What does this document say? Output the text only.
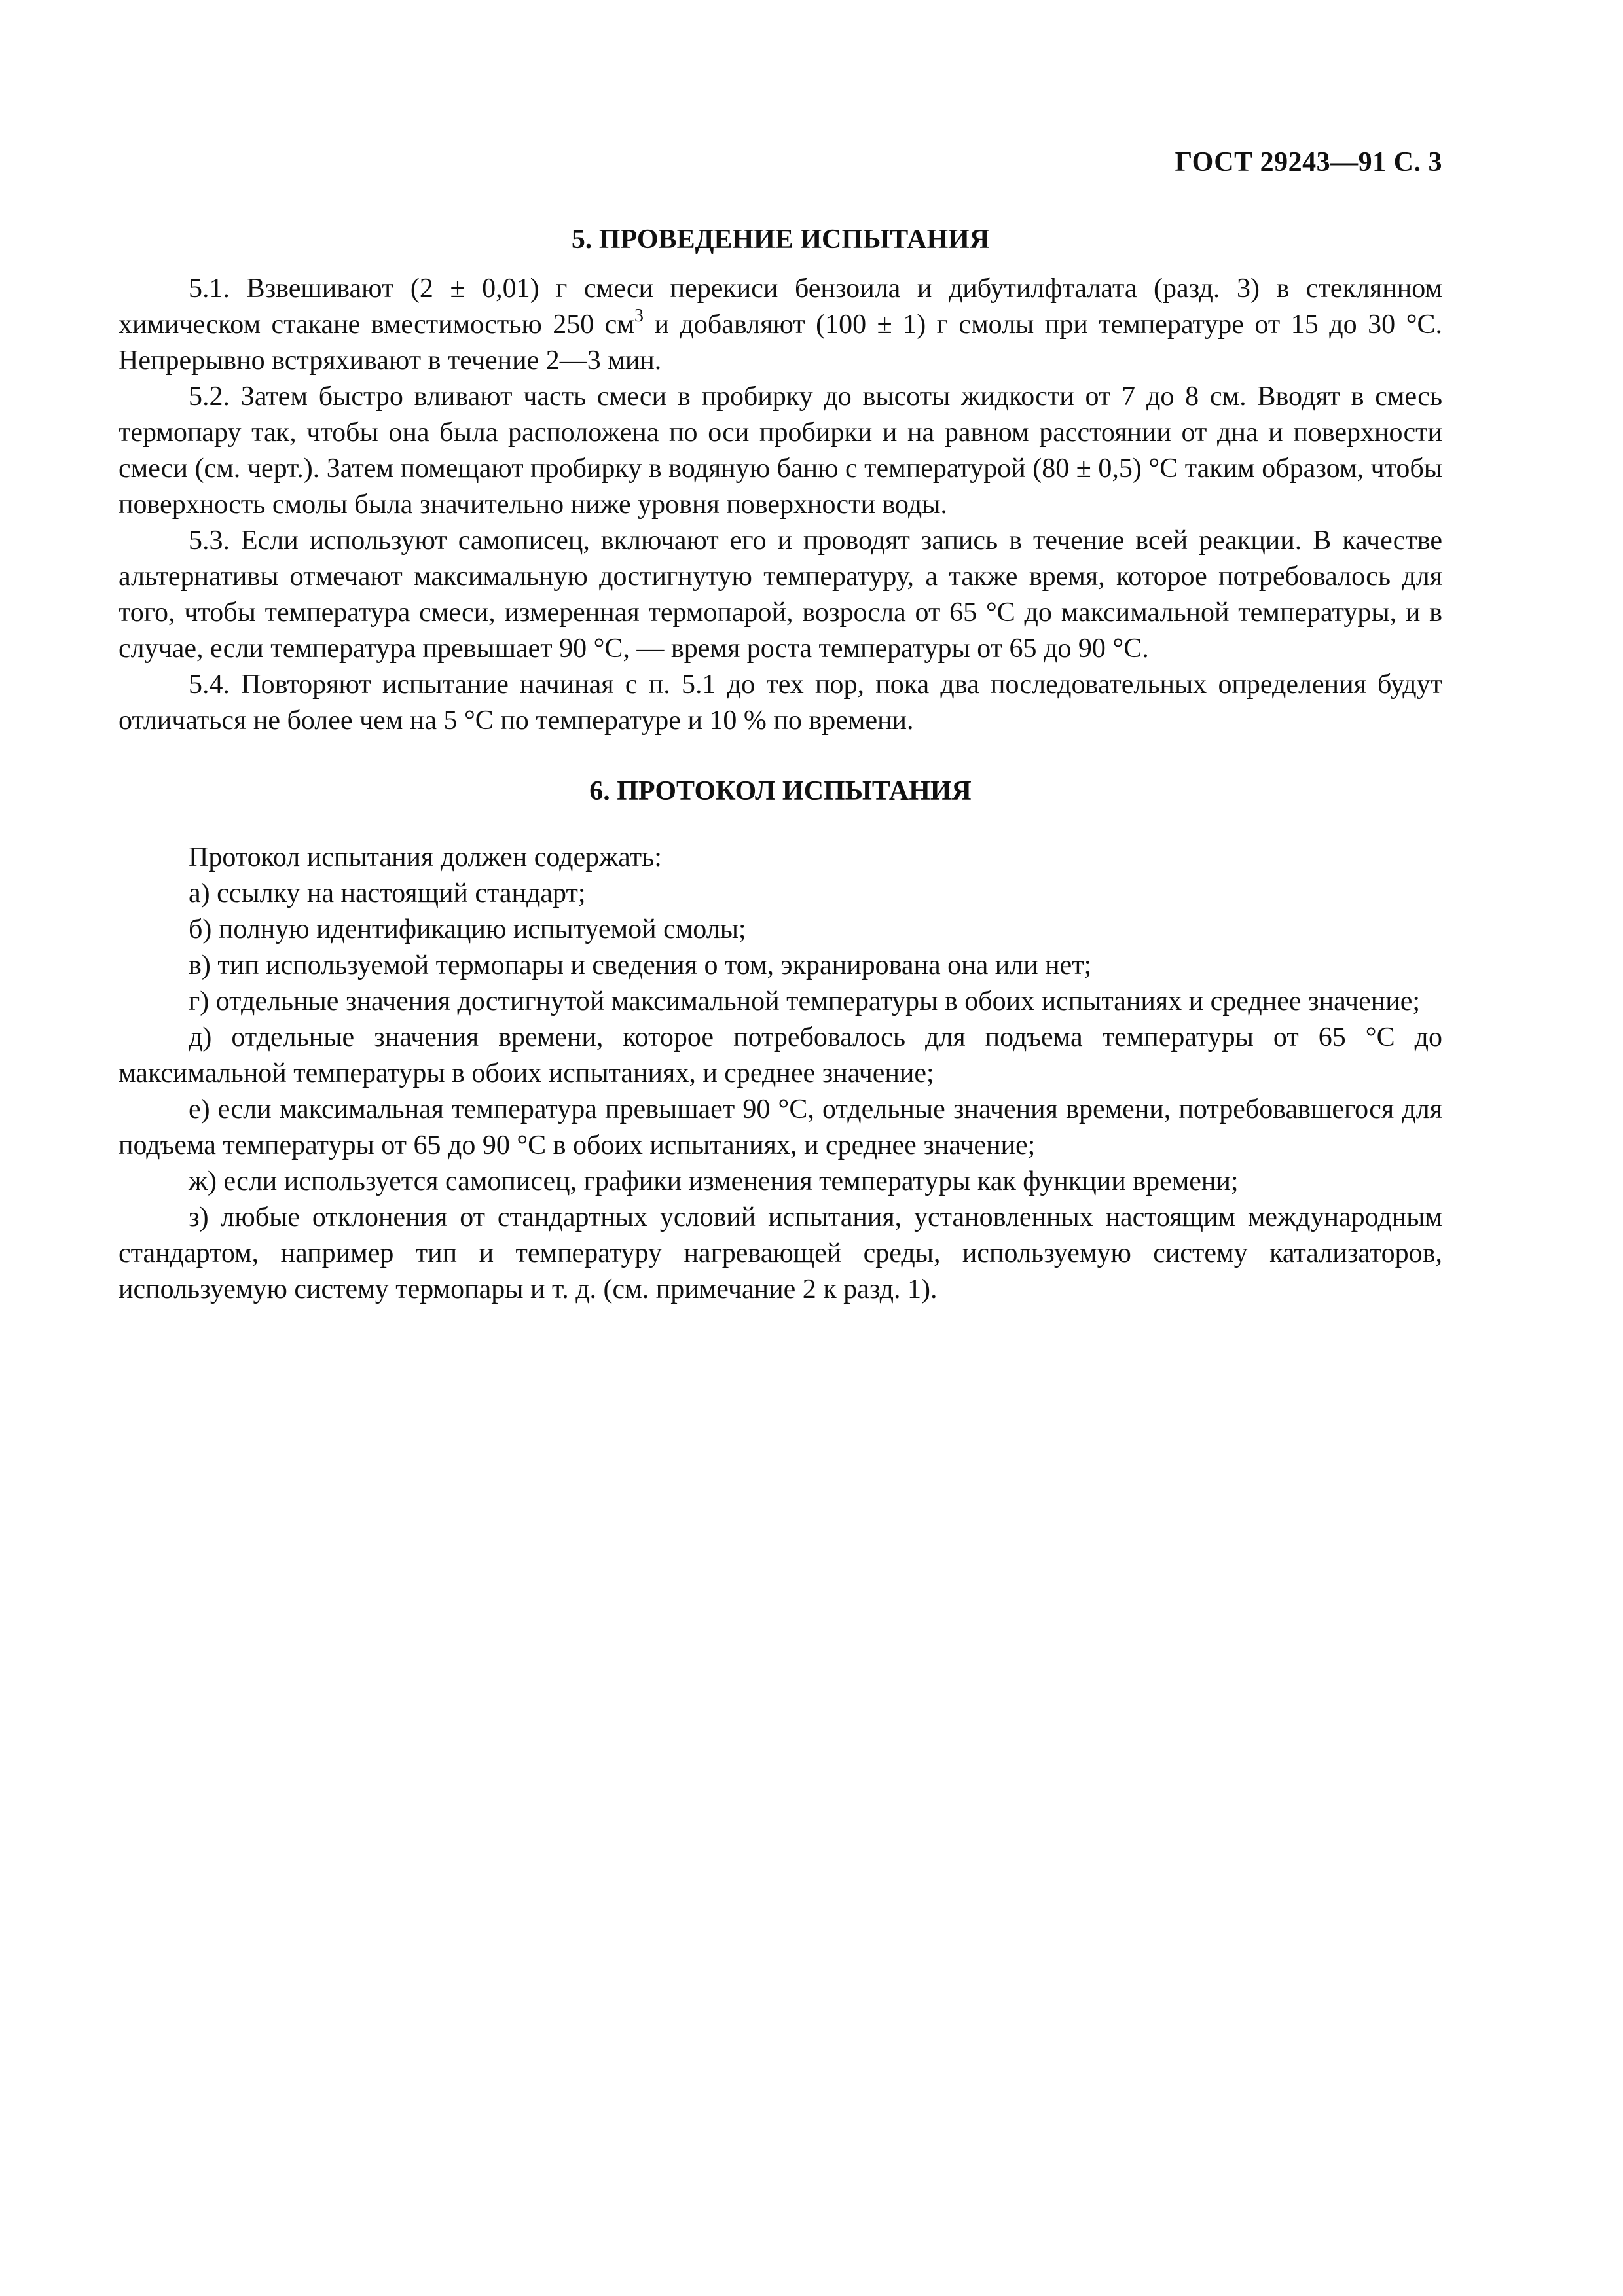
ГОСТ 29243—91 С. 3
5. ПРОВЕДЕНИЕ ИСПЫТАНИЯ

5.1. Взвешивают (2 ± 0,01) г смеси перекиси бензоила и дибутилфталата (разд. 3) в стеклянном химическом стакане вместимостью 250 $см^3$ и добавляют (100 ± 1) г смолы при температуре от 15 до 30 °С. Непрерывно встряхивают в течение 2—3 мин.

5.2. Затем быстро вливают часть смеси в пробирку до высоты жидкости от 7 до 8 см. Вводят в смесь термопару так, чтобы она была расположена по оси пробирки и на равном расстоянии от дна и поверхности смеси (см. черт.). Затем помещают пробирку в водяную баню с температурой (80 ± 0,5) °С таким образом, чтобы поверхность смолы была значительно ниже уровня поверхности воды.

5.3. Если используют самописец, включают его и проводят запись в течение всей реакции. В качестве альтернативы отмечают максимальную достигнутую температуру, а также время, которое потребовалось для того, чтобы температура смеси, измеренная термопарой, возросла от 65 °С до максимальной температуры, и в случае, если температура превышает 90 °С, — время роста температуры от 65 до 90 °С.

5.4. Повторяют испытание начиная с п. 5.1 до тех пор, пока два последовательных определения будут отличаться не более чем на 5 °С по температуре и 10 % по времени.

6. ПРОТОКОЛ ИСПЫТАНИЯ

Протокол испытания должен содержать:

а) ссылку на настоящий стандарт;

б) полную идентификацию испытуемой смолы;

в) тип используемой термопары и сведения о том, экранирована она или нет;

г) отдельные значения достигнутой максимальной температуры в обоих испытаниях и среднее значение;

д) отдельные значения времени, которое потребовалось для подъема температуры от 65 °С до максимальной температуры в обоих испытаниях, и среднее значение;

е) если максимальная температура превышает 90 °С, отдельные значения времени, потребовавшегося для подъема температуры от 65 до 90 °С в обоих испытаниях, и среднее значение;

ж) если используется самописец, графики изменения температуры как функции времени;

з) любые отклонения от стандартных условий испытания, установленных настоящим международным стандартом, например тип и температуру нагревающей среды, используемую систему катализаторов, используемую систему термопары и т. д. (см. примечание 2 к разд. 1).
